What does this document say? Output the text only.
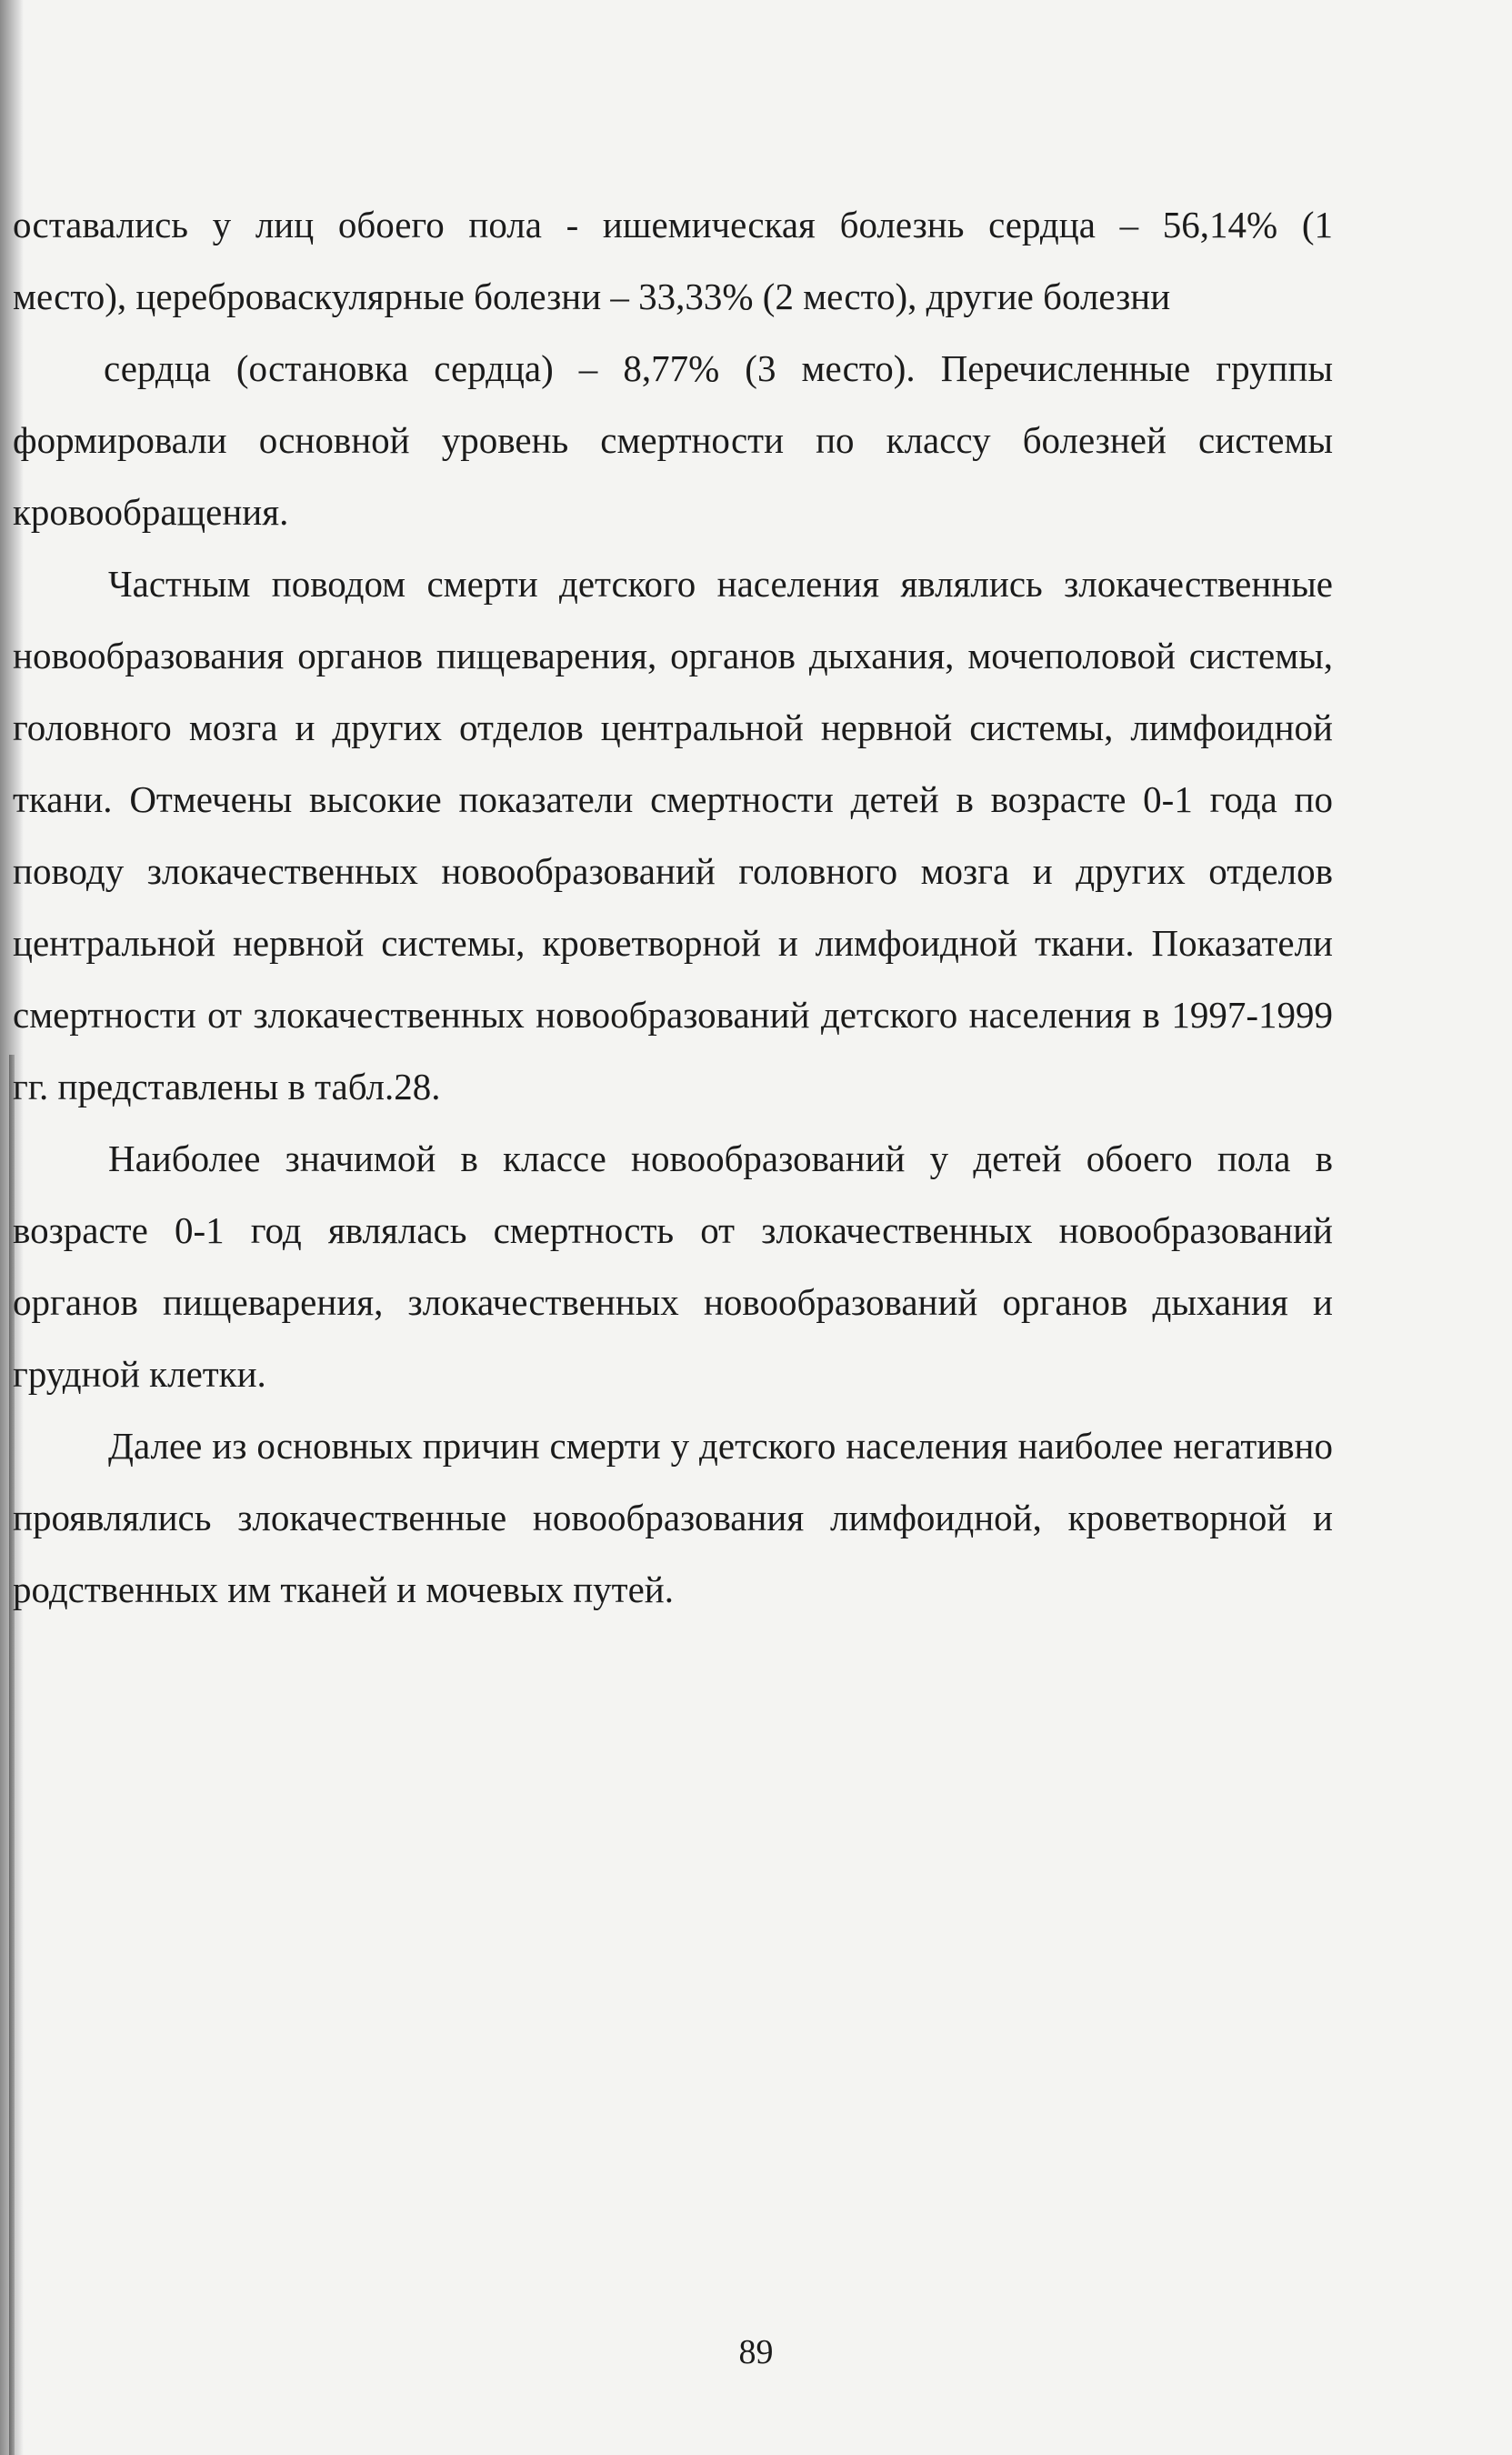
оставались у лиц обоего пола - ишемическая болезнь сердца – 56,14% (1

место), цереброваскулярные болезни – 33,33% (2 место), другие болезни

сердца (остановка сердца) – 8,77% (3 место). Перечисленные группы

формировали основной уровень смертности по классу болезней системы

кровообращения.

Частным поводом смерти детского населения являлись злокачественные новообразования органов пищеварения, органов дыхания, мочеполовой системы, головного мозга и других отделов центральной нервной системы, лимфоидной ткани. Отмечены высокие показатели смертности детей в возрасте 0-1 года по поводу злокачественных новообразований головного мозга и других отделов центральной нервной системы, кроветворной и лимфоидной ткани. Показатели смертности от злокачественных новообразований детского населения в 1997-1999 гг. представлены в табл.28.

Наиболее значимой в классе новообразований у детей обоего пола в возрасте 0-1 год являлась смертность от злокачественных новообразований органов пищеварения, злокачественных новообразований органов дыхания и грудной клетки.

Далее из основных причин смерти у детского населения наиболее негативно проявлялись злокачественные новообразования лимфоидной, кроветворной и родственных им тканей и мочевых путей.

89
